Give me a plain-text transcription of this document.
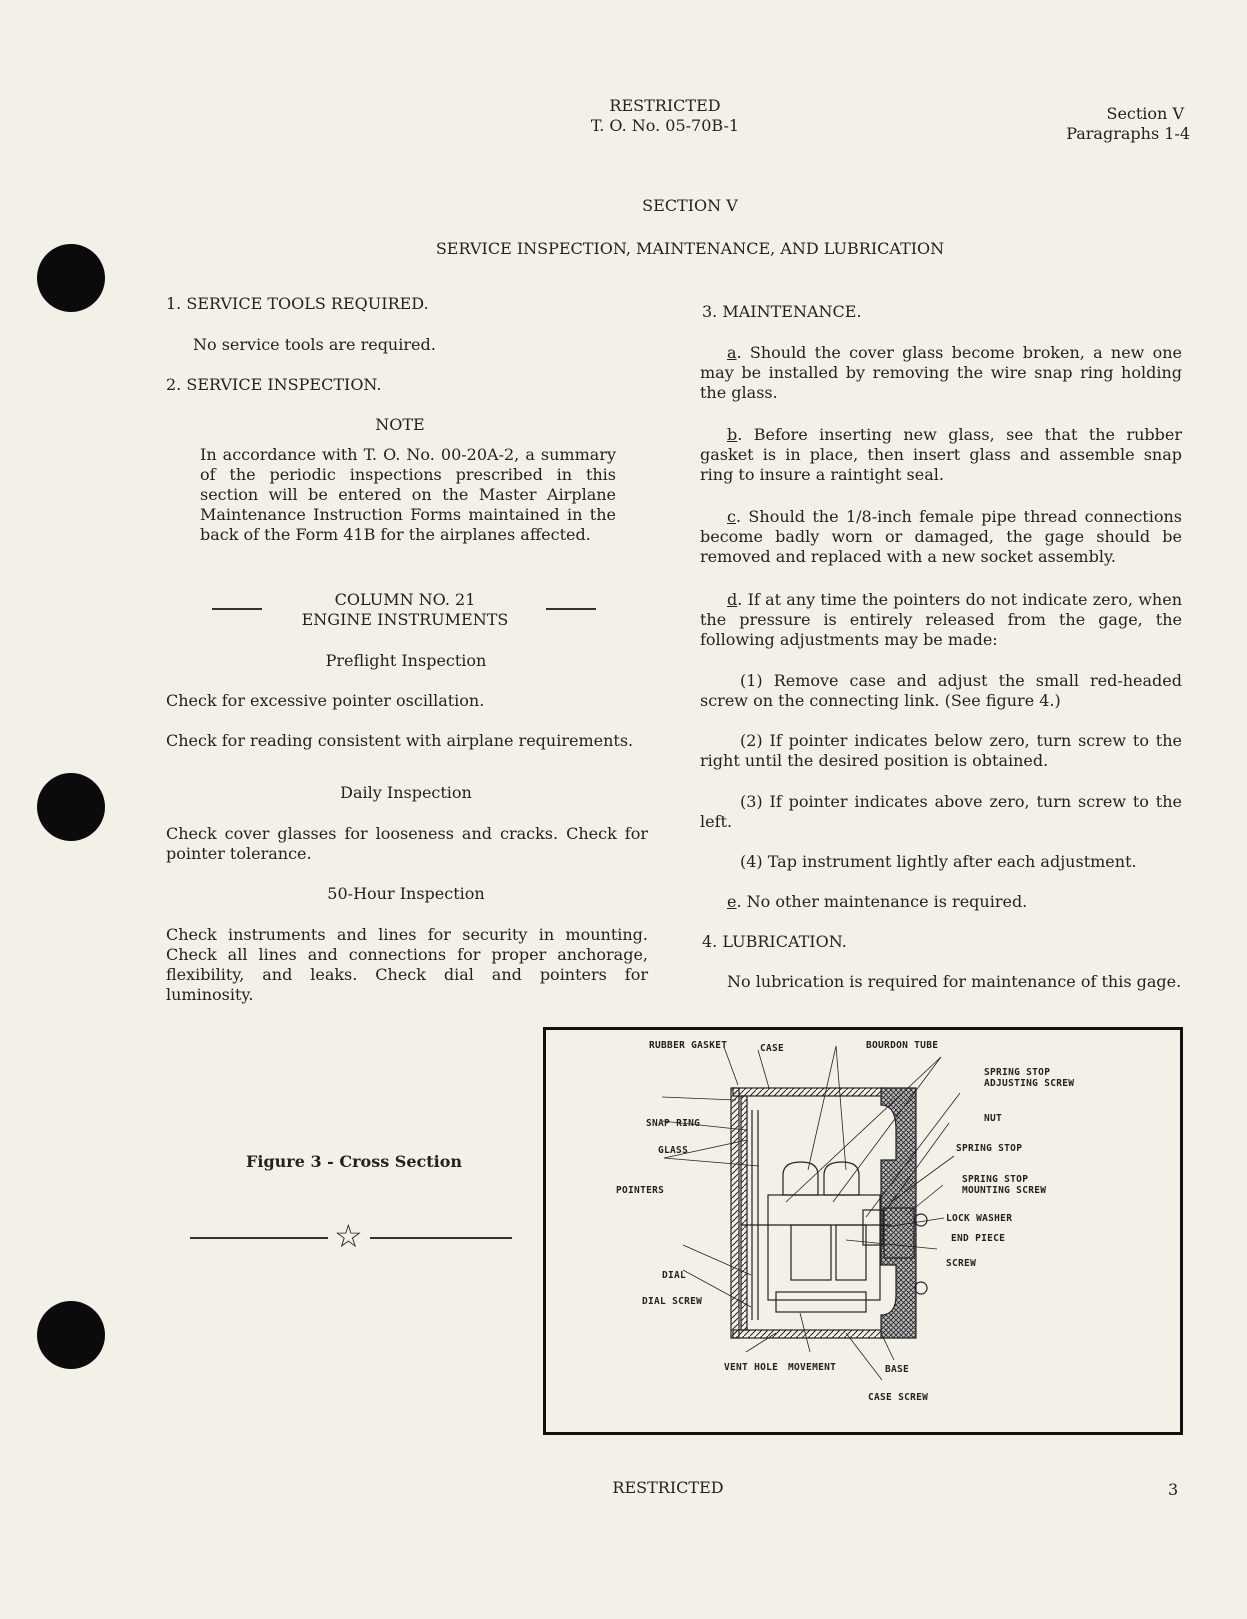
RESTRICTED
T. O. No. 05-70B-1
Section V
Paragraphs 1-4
SECTION V
SERVICE INSPECTION, MAINTENANCE, AND LUBRICATION
1. SERVICE TOOLS REQUIRED.
No service tools are required.
2. SERVICE INSPECTION.
NOTE
In accordance with T. O. No. 00-20A-2, a summary of the periodic inspections prescribed in this section will be entered on the Master Airplane Maintenance Instruction Forms maintained in the back of the Form 41B for the airplanes affected.
COLUMN NO. 21
ENGINE INSTRUMENTS
Preflight Inspection
Check for excessive pointer oscillation.
Check for reading consistent with airplane requirements.
Daily Inspection
Check cover glasses for looseness and cracks. Check for pointer tolerance.
50-Hour Inspection
Check instruments and lines for security in mounting. Check all lines and connections for proper anchorage, flexibility, and leaks. Check dial and pointers for luminosity.
3. MAINTENANCE.
a. Should the cover glass become broken, a new one may be installed by removing the wire snap ring holding the glass.
b. Before inserting new glass, see that the rubber gasket is in place, then insert glass and assemble snap ring to insure a raintight seal.
c. Should the 1/8-inch female pipe thread connections become badly worn or damaged, the gage should be removed and replaced with a new socket assembly.
d. If at any time the pointers do not indicate zero, when the pressure is entirely released from the gage, the following adjustments may be made:
(1) Remove case and adjust the small red-headed screw on the connecting link. (See figure 4.)
(2) If pointer indicates below zero, turn screw to the right until the desired position is obtained.
(3) If pointer indicates above zero, turn screw to the left.
(4) Tap instrument lightly after each adjustment.
e. No other maintenance is required.
4. LUBRICATION.
No lubrication is required for maintenance of this gage.
Figure 3 - Cross Section
☆
RUBBER GASKET	CASE	BOURDON TUBE
SPRING STOP
ADJUSTING SCREW
NUT
SNAP RING
GLASS	SPRING STOP
SPRING STOP
MOUNTING SCREW
POINTERS
LOCK WASHER
END PIECE
SCREW
DIAL
DIAL SCREW
VENT HOLE MOVEMENT	BASE
CASE SCREW
RESTRICTED	3
